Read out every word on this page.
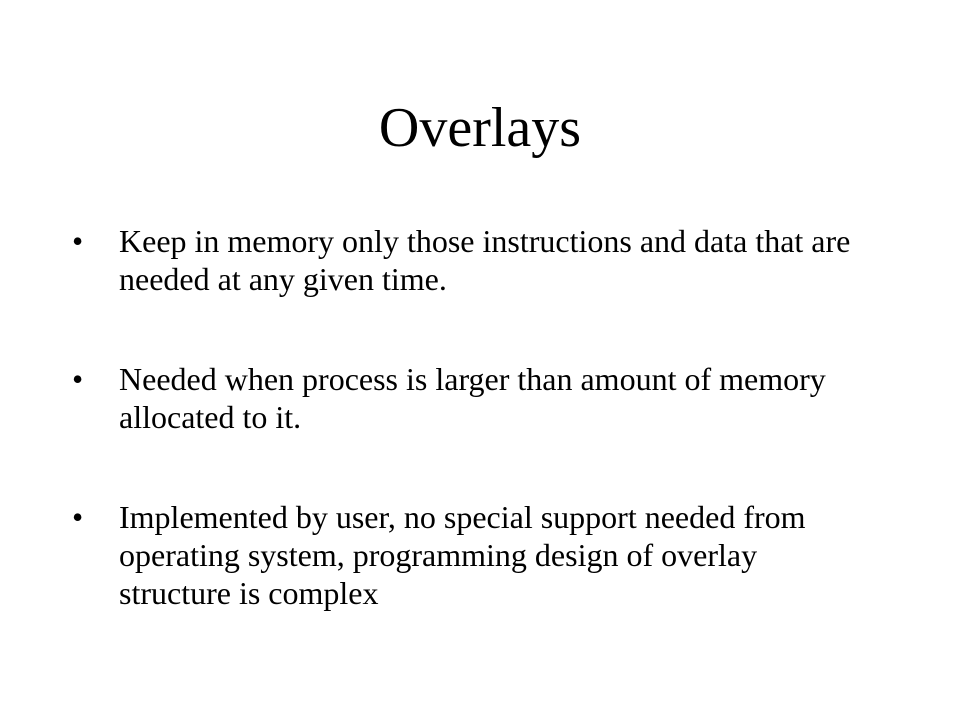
Overlays
• Keep in memory only those instructions and data that are needed at any given time.
• Needed when process is larger than amount of memory allocated to it.
• Implemented by user, no special support needed from operating system, programming design of overlay structure is complex
